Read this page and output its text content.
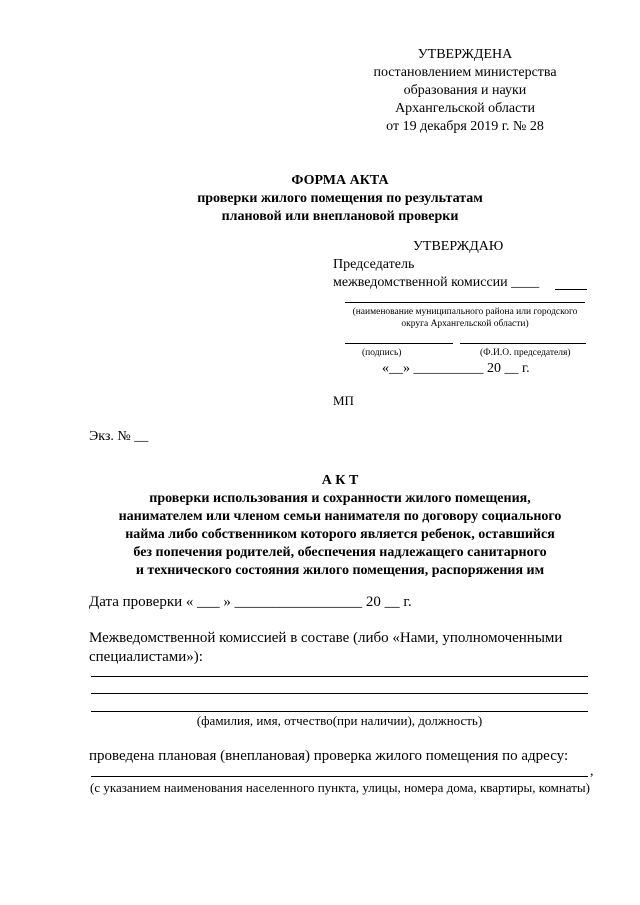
УТВЕРЖДЕНА
постановлением министерства
образования и науки
Архангельской области
от 19 декабря 2019 г. № 28
ФОРМА АКТА
проверки жилого помещения по результатам
плановой или внеплановой проверки
УТВЕРЖДАЮ
Председатель
межведомственной комиссии ____
(наименование муниципального района или городского
округа Архангельской области)
(подпись)	(Ф.И.О. председателя)
«__» __________ 20 __ г.
МП
Экз. № __
А К Т
проверки использования и сохранности жилого помещения,
нанимателем или членом семьи нанимателя по договору социального
найма либо собственником которого является ребенок, оставшийся
без попечения родителей, обеспечения надлежащего санитарного
и технического состояния жилого помещения, распоряжения им
Дата проверки « ___ » _________________ 20 __ г.
Межведомственной комиссией в составе (либо «Нами, уполномоченными
специалистами»):
(фамилия, имя, отчество(при наличии), должность)
проведена плановая (внеплановая) проверка жилого помещения по адресу:
,
(с указанием наименования населенного пункта, улицы, номера дома, квартиры, комнаты)
